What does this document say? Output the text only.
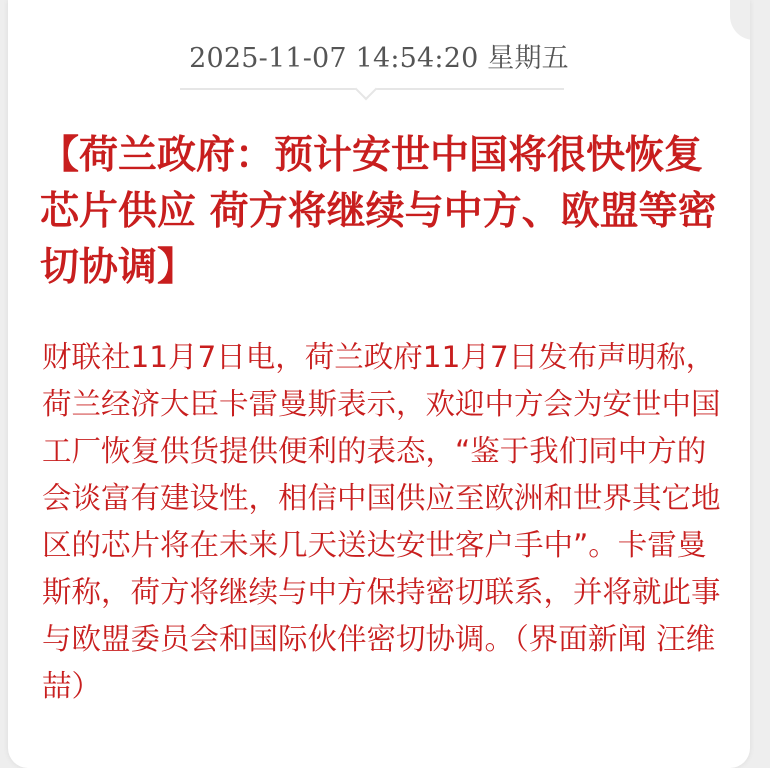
2025-11-07 14:54:20 星期五
【荷兰政府：预计安世中国将很快恢复芯片供应 荷方将继续与中方、欧盟等密切协调】

财联社11月7日电，荷兰政府11月7日发布声明称，荷兰经济大臣卡雷曼斯表示，欢迎中方会为安世中国工厂恢复供货提供便利的表态，“鉴于我们同中方的会谈富有建设性，相信中国供应至欧洲和世界其它地区的芯片将在未来几天送达安世客户手中”。卡雷曼斯称，荷方将继续与中方保持密切联系，并将就此事与欧盟委员会和国际伙伴密切协调。（界面新闻 汪维喆）
